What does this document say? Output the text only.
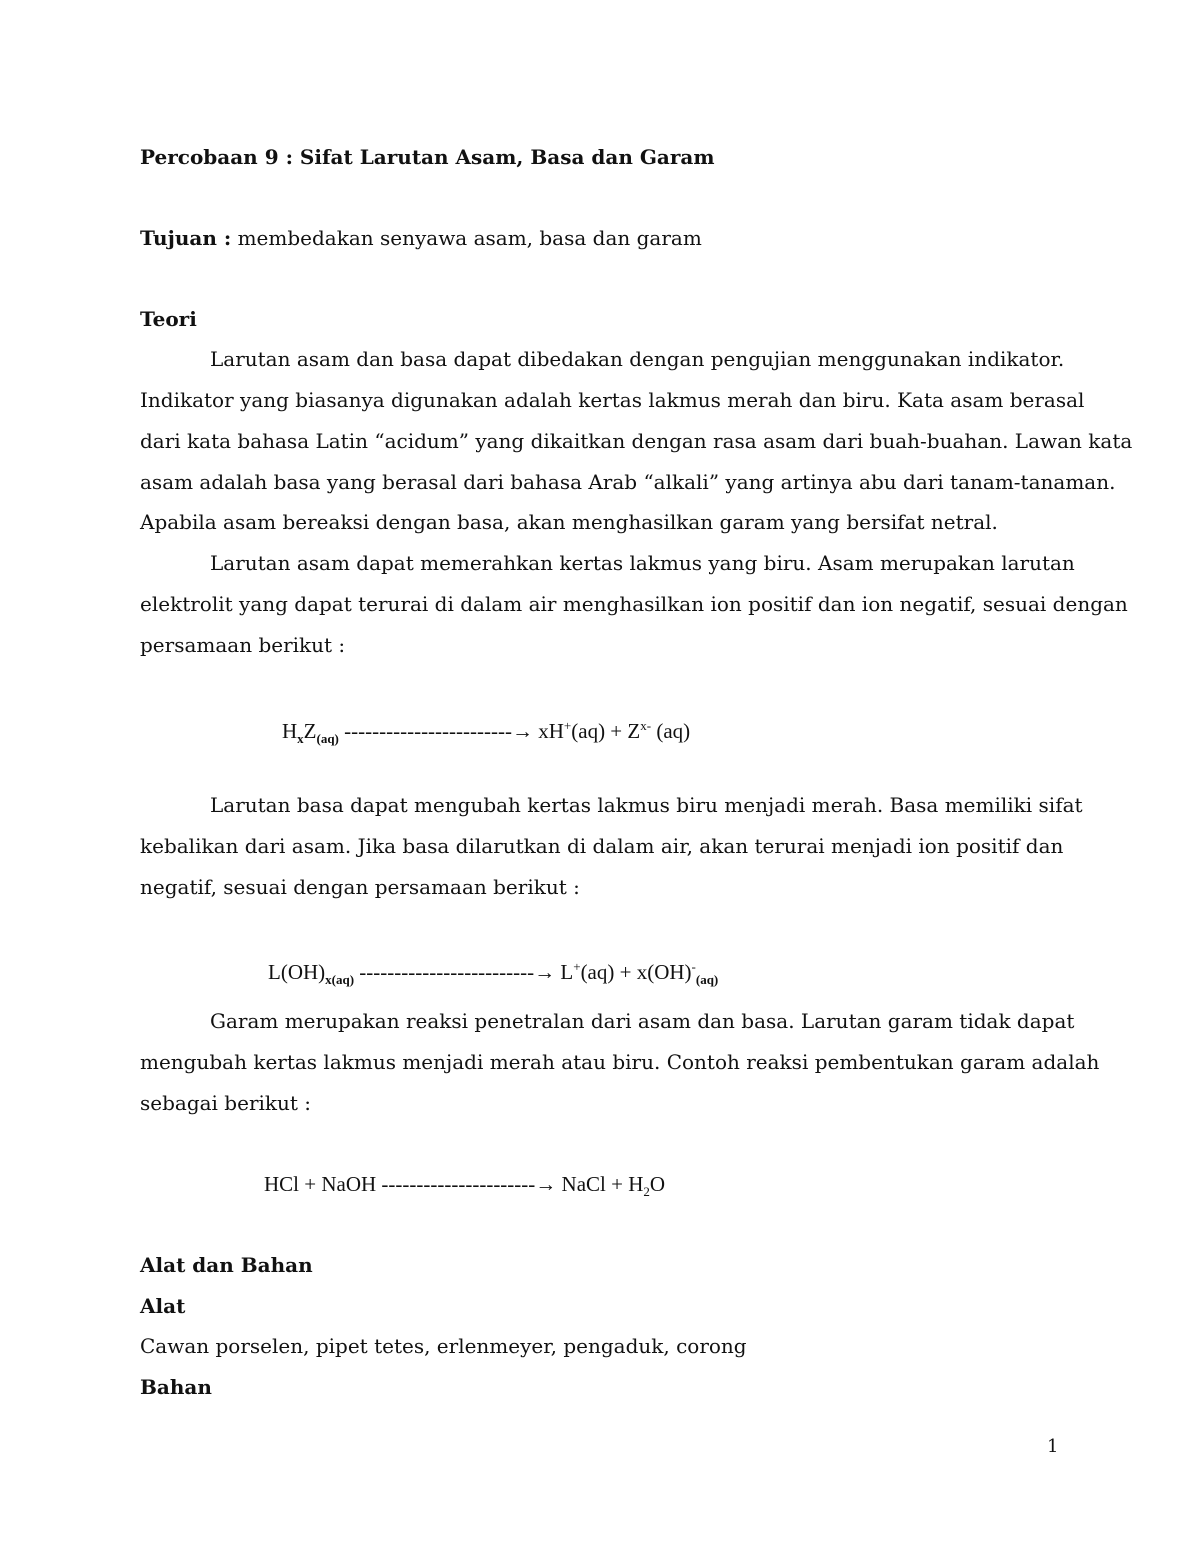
Percobaan 9 : Sifat Larutan Asam, Basa dan Garam
Tujuan : membedakan senyawa asam, basa dan garam
Teori
Larutan asam dan basa dapat dibedakan dengan pengujian menggunakan indikator.
Indikator yang biasanya digunakan adalah kertas lakmus merah dan biru. Kata asam berasal
dari kata bahasa Latin “acidum” yang dikaitkan dengan rasa asam dari buah-buahan. Lawan kata
asam adalah basa yang berasal dari bahasa Arab “alkali” yang artinya abu dari tanam-tanaman.
Apabila asam bereaksi dengan basa, akan menghasilkan garam yang bersifat netral.
Larutan asam dapat memerahkan kertas lakmus yang biru. Asam merupakan larutan
elektrolit yang dapat terurai di dalam air menghasilkan ion positif dan ion negatif, sesuai dengan
persamaan berikut :
$H_xZ_{(aq)}$ ------------------------→ $xH^+(aq) + Z^{x-}$ (aq)
Larutan basa dapat mengubah kertas lakmus biru menjadi merah. Basa memiliki sifat
kebalikan dari asam. Jika basa dilarutkan di dalam air, akan terurai menjadi ion positif dan
negatif, sesuai dengan persamaan berikut :
$L(OH)_{x(aq)}$ -------------------------→ $L^+(aq) + x(OH)^-_{(aq)}$
Garam merupakan reaksi penetralan dari asam dan basa. Larutan garam tidak dapat
mengubah kertas lakmus menjadi merah atau biru. Contoh reaksi pembentukan garam adalah
sebagai berikut :
HCl + NaOH ----------------------→ NaCl + $H_2O$
Alat dan Bahan
Alat
Cawan porselen, pipet tetes, erlenmeyer, pengaduk, corong
Bahan
1
